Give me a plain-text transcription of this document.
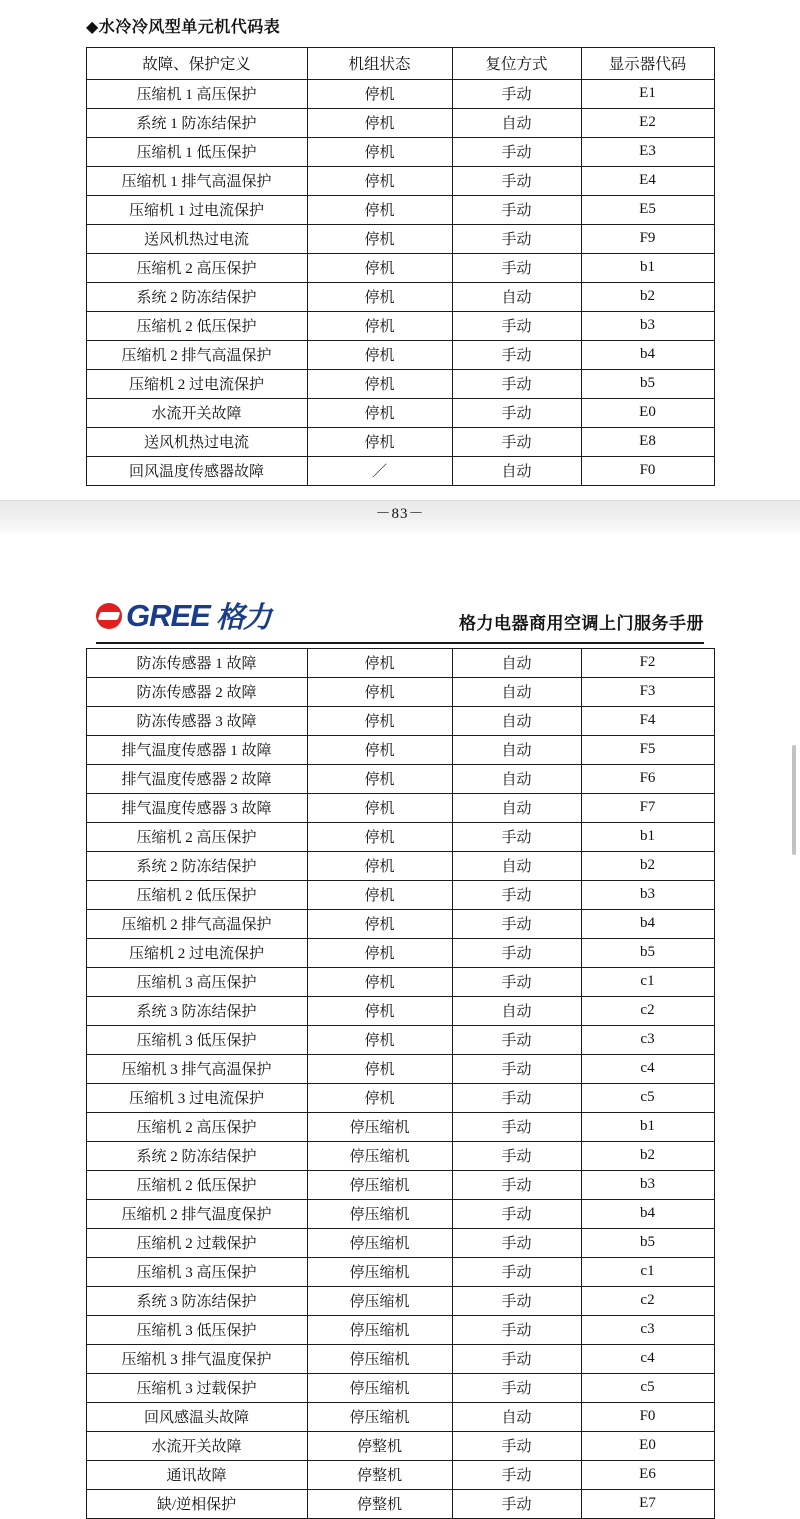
◆水冷冷风型单元机代码表
故障、保护定义	机组状态	复位方式	显示器代码
压缩机 1 高压保护	停机	手动	E1
系统 1 防冻结保护	停机	自动	E2
压缩机 1 低压保护	停机	手动	E3
压缩机 1 排气高温保护	停机	手动	E4
压缩机 1 过电流保护	停机	手动	E5
送风机热过电流	停机	手动	F9
压缩机 2 高压保护	停机	手动	b1
系统 2 防冻结保护	停机	自动	b2
压缩机 2 低压保护	停机	手动	b3
压缩机 2 排气高温保护	停机	手动	b4
压缩机 2 过电流保护	停机	手动	b5
水流开关故障	停机	手动	E0
送风机热过电流	停机	手动	E8
回风温度传感器故障	／	自动	F0
－83－
GREE 格力	格力电器商用空调上门服务手册
防冻传感器 1 故障	停机	自动	F2
防冻传感器 2 故障	停机	自动	F3
防冻传感器 3 故障	停机	自动	F4
排气温度传感器 1 故障	停机	自动	F5
排气温度传感器 2 故障	停机	自动	F6
排气温度传感器 3 故障	停机	自动	F7
压缩机 2 高压保护	停机	手动	b1
系统 2 防冻结保护	停机	自动	b2
压缩机 2 低压保护	停机	手动	b3
压缩机 2 排气高温保护	停机	手动	b4
压缩机 2 过电流保护	停机	手动	b5
压缩机 3 高压保护	停机	手动	c1
系统 3 防冻结保护	停机	自动	c2
压缩机 3 低压保护	停机	手动	c3
压缩机 3 排气高温保护	停机	手动	c4
压缩机 3 过电流保护	停机	手动	c5
压缩机 2 高压保护	停压缩机	手动	b1
系统 2 防冻结保护	停压缩机	手动	b2
压缩机 2 低压保护	停压缩机	手动	b3
压缩机 2 排气温度保护	停压缩机	手动	b4
压缩机 2 过载保护	停压缩机	手动	b5
压缩机 3 高压保护	停压缩机	手动	c1
系统 3 防冻结保护	停压缩机	手动	c2
压缩机 3 低压保护	停压缩机	手动	c3
压缩机 3 排气温度保护	停压缩机	手动	c4
压缩机 3 过载保护	停压缩机	手动	c5
回风感温头故障	停压缩机	自动	F0
水流开关故障	停整机	手动	E0
通讯故障	停整机	手动	E6
缺/逆相保护	停整机	手动	E7
